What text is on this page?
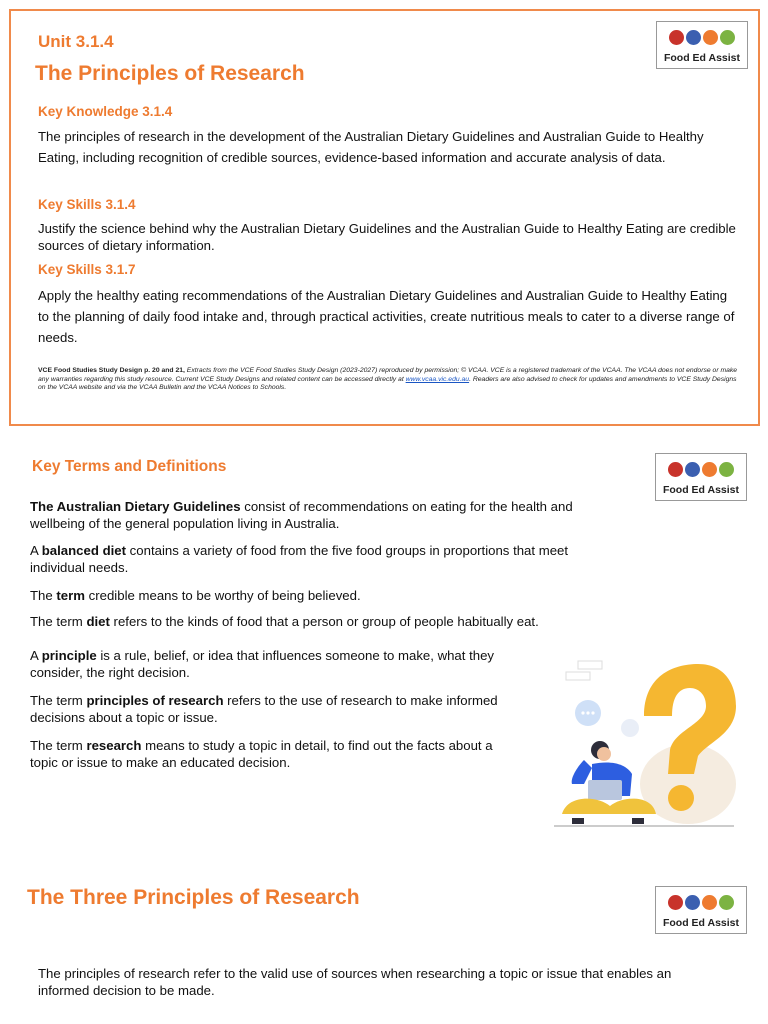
Unit 3.1.4
The Principles of Research
Key Knowledge 3.1.4
The principles of research in the development of the Australian Dietary Guidelines and Australian Guide to Healthy Eating, including recognition of credible sources, evidence-based information and accurate analysis of data.
Key Skills 3.1.4
Justify the science behind why the Australian Dietary Guidelines and the Australian Guide to Healthy Eating are credible sources of dietary information.
Key Skills 3.1.7
Apply the healthy eating recommendations of the Australian Dietary Guidelines and Australian Guide to Healthy Eating to the planning of daily food intake and, through practical activities, create nutritious meals to cater to a diverse range of needs.
VCE Food Studies Study Design p. 20 and 21, Extracts from the VCE Food Studies Study Design (2023-2027) reproduced by permission; © VCAA. VCE is a registered trademark of the VCAA. The VCAA does not endorse or make any warranties regarding this study resource. Current VCE Study Designs and related content can be accessed directly at www.vcaa.vic.edu.au. Readers are also advised to check for updates and amendments to VCE Study Designs on the VCAA website and via the VCAA Bulletin and the VCAA Notices to Schools.
Food Ed Assist
Key Terms and Definitions
Food Ed Assist
The Australian Dietary Guidelines consist of recommendations on eating for the health and
wellbeing of the general population living in Australia.
A balanced diet contains a variety of food from the five food groups in proportions that meet
individual needs.
The term credible means to be worthy of being believed.
The term diet refers to the kinds of food that a person or group of people habitually eat.
A principle is a rule, belief, or idea that influences someone to make, what they
consider, the right decision.
The term principles of research refers to the use of research to make informed
decisions about a topic or issue.
The term research means to study a topic in detail, to find out the facts about a
topic or issue to make an educated decision.
The Three Principles of Research
Food Ed Assist
The principles of research refer to the valid use of sources when researching a topic or issue that enables an
informed decision to be made.
